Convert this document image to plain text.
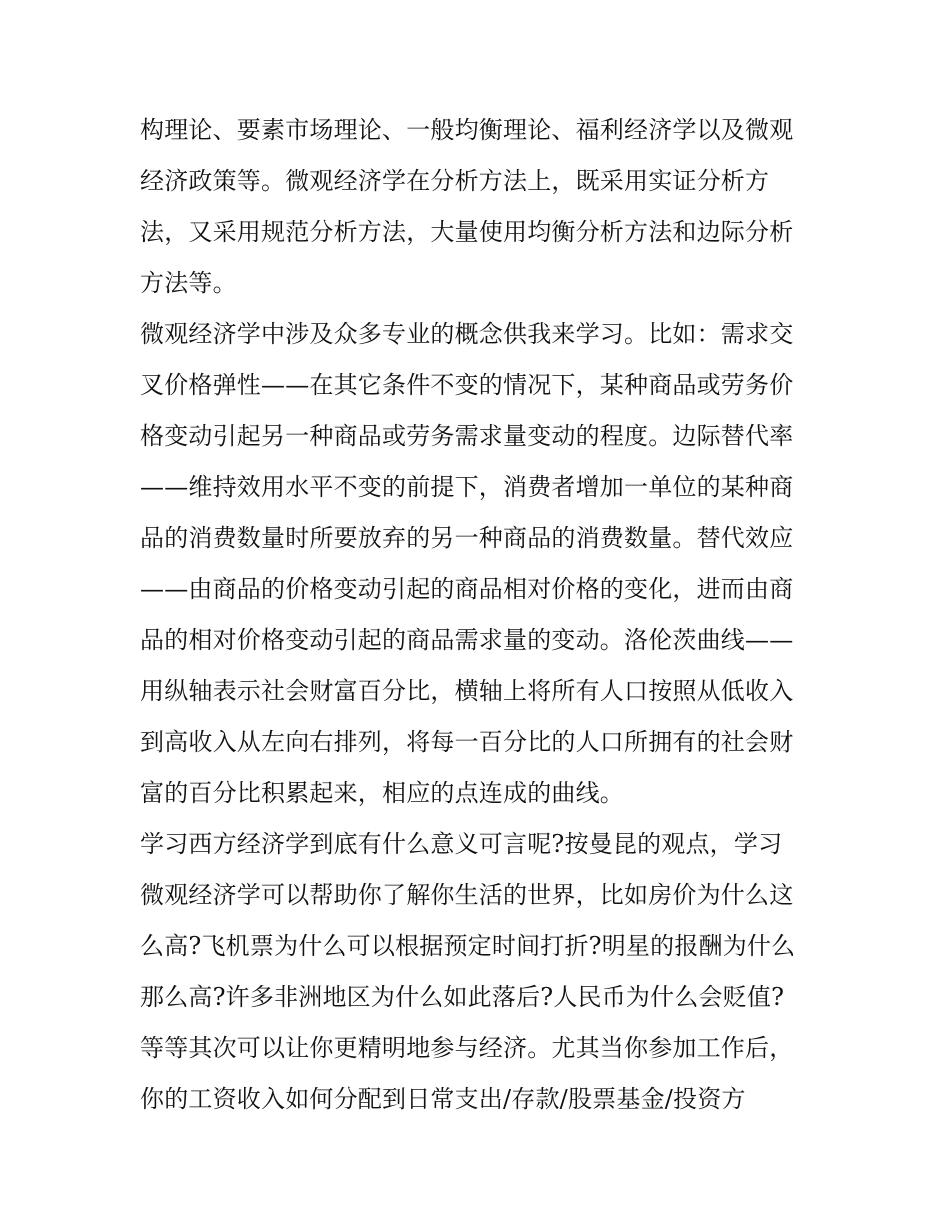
构理论、要素市场理论、一般均衡理论、福利经济学以及微观
经济政策等。微观经济学在分析方法上，既采用实证分析方
法，又采用规范分析方法，大量使用均衡分析方法和边际分析
方法等。
微观经济学中涉及众多专业的概念供我来学习。比如：需求交
叉价格弹性——在其它条件不变的情况下，某种商品或劳务价
格变动引起另一种商品或劳务需求量变动的程度。边际替代率
——维持效用水平不变的前提下，消费者增加一单位的某种商
品的消费数量时所要放弃的另一种商品的消费数量。替代效应
——由商品的价格变动引起的商品相对价格的变化，进而由商
品的相对价格变动引起的商品需求量的变动。洛伦茨曲线——
用纵轴表示社会财富百分比，横轴上将所有人口按照从低收入
到高收入从左向右排列，将每一百分比的人口所拥有的社会财
富的百分比积累起来，相应的点连成的曲线。
学习西方经济学到底有什么意义可言呢?按曼昆的观点，学习
微观经济学可以帮助你了解你生活的世界，比如房价为什么这
么高?飞机票为什么可以根据预定时间打折?明星的报酬为什么
那么高?许多非洲地区为什么如此落后?人民币为什么会贬值?
等等其次可以让你更精明地参与经济。尤其当你参加工作后，
你的工资收入如何分配到日常支出/存款/股票基金/投资方
